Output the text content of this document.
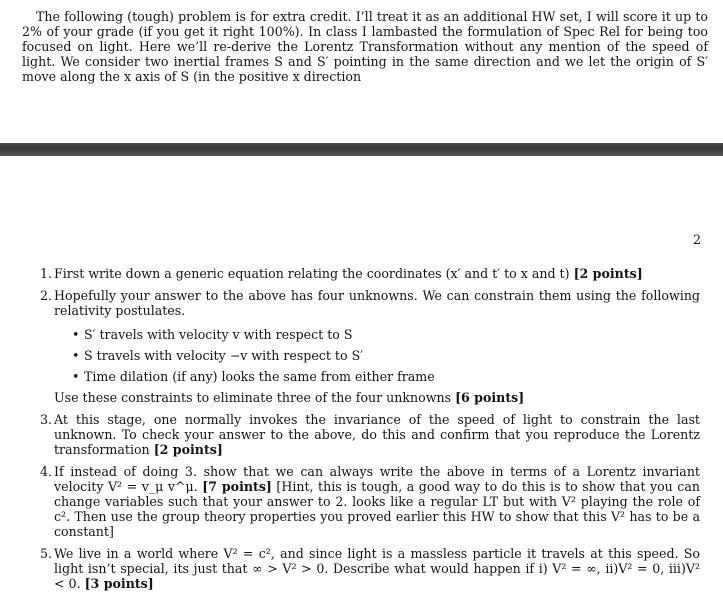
The following (tough) problem is for extra credit. I’ll treat it as an additional HW set, I will score it up to 2% of your grade (if you get it right 100%). In class I lambasted the formulation of Spec Rel for being too focused on light. Here we’ll re-derive the Lorentz Transformation without any mention of the speed of light. We consider two inertial frames S and S′ pointing in the same direction and we let the origin of S′ move along the x axis of S (in the positive x direction

2
1. First write down a generic equation relating the coordinates (x′ and t′ to x and t) [2 points]
2. Hopefully your answer to the above has four unknowns. We can constrain them using the following relativity postulates.
• S′ travels with velocity v with respect to S
• S travels with velocity −v with respect to S′
• Time dilation (if any) looks the same from either frame
Use these constraints to eliminate three of the four unknowns [6 points]
3. At this stage, one normally invokes the invariance of the speed of light to constrain the last unknown. To check your answer to the above, do this and confirm that you reproduce the Lorentz transformation [2 points]
4. If instead of doing 3. show that we can always write the above in terms of a Lorentz invariant velocity V² = v_μ v^μ. [7 points] [Hint, this is tough, a good way to do this is to show that you can change variables such that your answer to 2. looks like a regular LT but with V² playing the role of c². Then use the group theory properties you proved earlier this HW to show that this V² has to be a constant]
5. We live in a world where V² = c², and since light is a massless particle it travels at this speed. So light isn’t special, its just that ∞ > V² > 0. Describe what would happen if i) V² = ∞, ii)V² = 0, iii)V² < 0. [3 points]
